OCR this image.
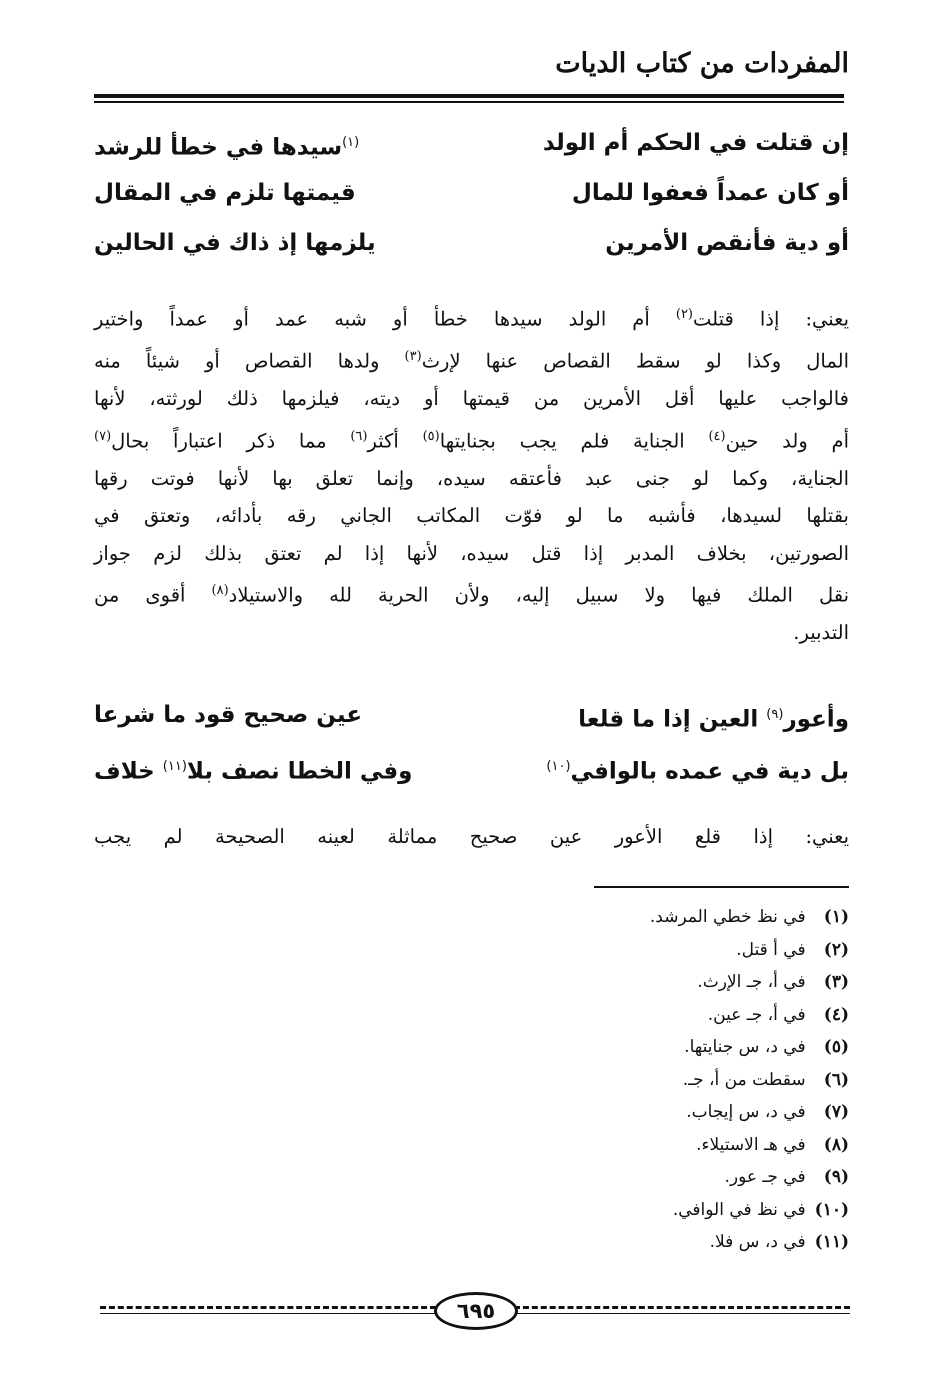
المفردات من كتاب الديات
إن قتلت في الحكم أم الولد
$^{(١)}$سيدها في خطأ للرشد
أو كان عمداً فعفوا للمال
قيمتها تلزم في المقال
أو دية فأنقص الأمرين
يلزمها إذ ذاك في الحالين
يعني: إذا قتلت$^{(٢)}$ أم الولد سيدها خطأ أو شبه عمد أو عمداً واختير
المال وكذا لو سقط القصاص عنها لإرث$^{(٣)}$ ولدها القصاص أو شيئاً منه
فالواجب عليها أقل الأمرين من قيمتها أو ديته، فيلزمها ذلك لورثته، لأنها
أم ولد حين$^{(٤)}$ الجناية فلم يجب بجنايتها$^{(٥)}$ أكثر$^{(٦)}$ مما ذكر اعتباراً بحال$^{(٧)}$
الجناية، وكما لو جنى عبد فأعتقه سيده، وإنما تعلق بها لأنها فوتت رقها
بقتلها لسيدها، فأشبه ما لو فوّت المكاتب الجاني رقه بأدائه، وتعتق في
الصورتين، بخلاف المدبر إذا قتل سيده، لأنها إذا لم تعتق بذلك لزم جواز
نقل الملك فيها ولا سبيل إليه، ولأن الحرية لله والاستيلاد$^{(٨)}$ أقوى من
التدبير.
وأعور$^{(٩)}$ العين إذا ما قلعا
عين صحيح قود ما شرعا
بل دية في عمده بالوافي$^{(١٠)}$
وفي الخطا نصف بلا$^{(١١)}$ خلاف
يعني: إذا قلع الأعور عين صحيح مماثلة لعينه الصحيحة لم يجب
(١) في نظ خطي المرشد.
(٢) في أ قتل.
(٣) في أ، جـ الإرث.
(٤) في أ، جـ عين.
(٥) في د، س جنايتها.
(٦) سقطت من أ، جـ.
(٧) في د، س إيجاب.
(٨) في هـ الاستيلاء.
(٩) في جـ عور.
(١٠) في نظ في الوافي.
(١١) في د، س فلا.
٦٩٥
